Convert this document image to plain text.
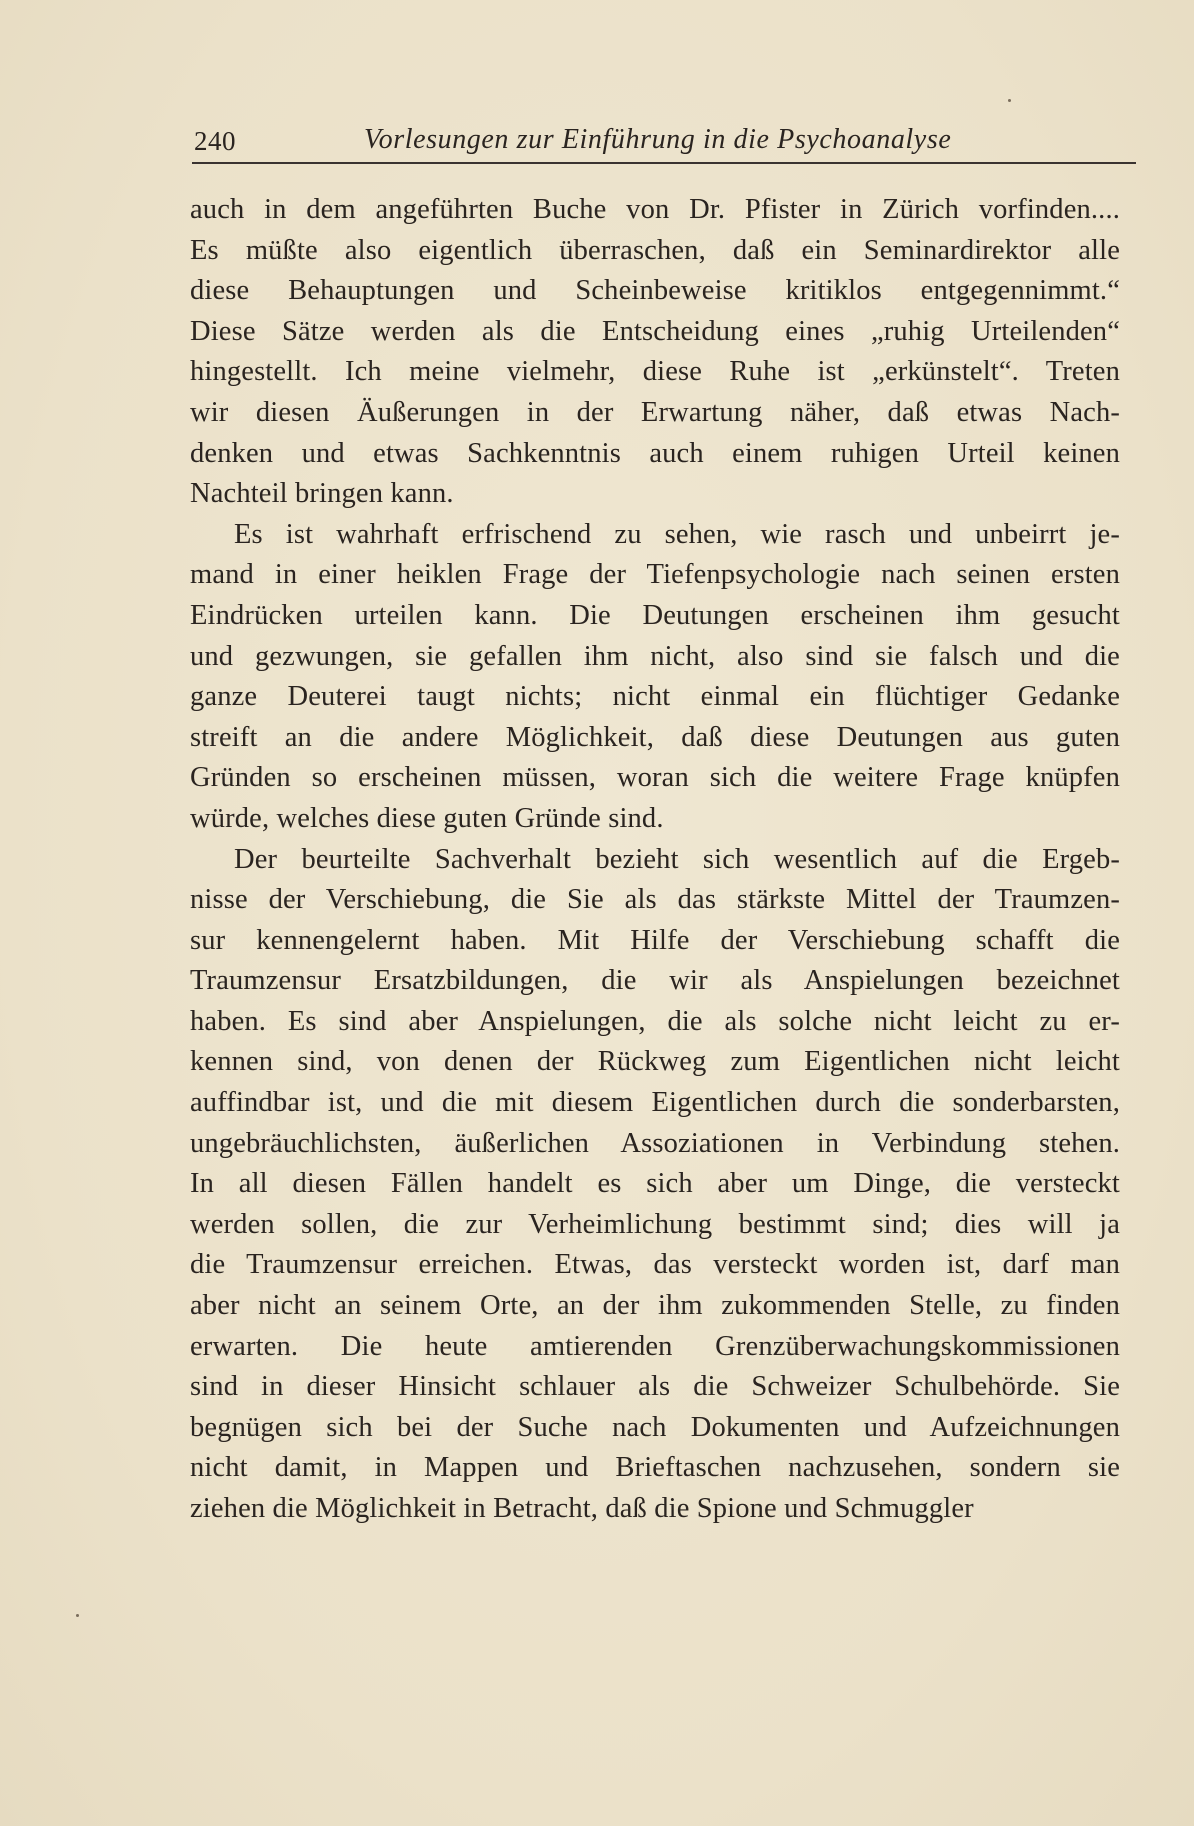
240	Vorlesungen zur Einführung in die Psychoanalyse
auch in dem angeführten Buche von Dr. Pfister in Zürich vorfinden....
Es müßte also eigentlich überraschen, daß ein Seminardirektor alle
diese Behauptungen und Scheinbeweise kritiklos entgegennimmt.“
Diese Sätze werden als die Entscheidung eines „ruhig Urteilenden“
hingestellt. Ich meine vielmehr, diese Ruhe ist „erkünstelt“. Treten
wir diesen Äußerungen in der Erwartung näher, daß etwas Nach-
denken und etwas Sachkenntnis auch einem ruhigen Urteil keinen
Nachteil bringen kann.
Es ist wahrhaft erfrischend zu sehen, wie rasch und unbeirrt je-
mand in einer heiklen Frage der Tiefenpsychologie nach seinen ersten
Eindrücken urteilen kann. Die Deutungen erscheinen ihm gesucht
und gezwungen, sie gefallen ihm nicht, also sind sie falsch und die
ganze Deuterei taugt nichts; nicht einmal ein flüchtiger Gedanke
streift an die andere Möglichkeit, daß diese Deutungen aus guten
Gründen so erscheinen müssen, woran sich die weitere Frage knüpfen
würde, welches diese guten Gründe sind.
Der beurteilte Sachverhalt bezieht sich wesentlich auf die Ergeb-
nisse der Verschiebung, die Sie als das stärkste Mittel der Traumzen-
sur kennengelernt haben. Mit Hilfe der Verschiebung schafft die
Traumzensur Ersatzbildungen, die wir als Anspielungen bezeichnet
haben. Es sind aber Anspielungen, die als solche nicht leicht zu er-
kennen sind, von denen der Rückweg zum Eigentlichen nicht leicht
auffindbar ist, und die mit diesem Eigentlichen durch die sonderbarsten,
ungebräuchlichsten, äußerlichen Assoziationen in Verbindung stehen.
In all diesen Fällen handelt es sich aber um Dinge, die versteckt
werden sollen, die zur Verheimlichung bestimmt sind; dies will ja
die Traumzensur erreichen. Etwas, das versteckt worden ist, darf man
aber nicht an seinem Orte, an der ihm zukommenden Stelle, zu finden
erwarten. Die heute amtierenden Grenzüberwachungskommissionen
sind in dieser Hinsicht schlauer als die Schweizer Schulbehörde. Sie
begnügen sich bei der Suche nach Dokumenten und Aufzeichnungen
nicht damit, in Mappen und Brieftaschen nachzusehen, sondern sie
ziehen die Möglichkeit in Betracht, daß die Spione und Schmuggler
